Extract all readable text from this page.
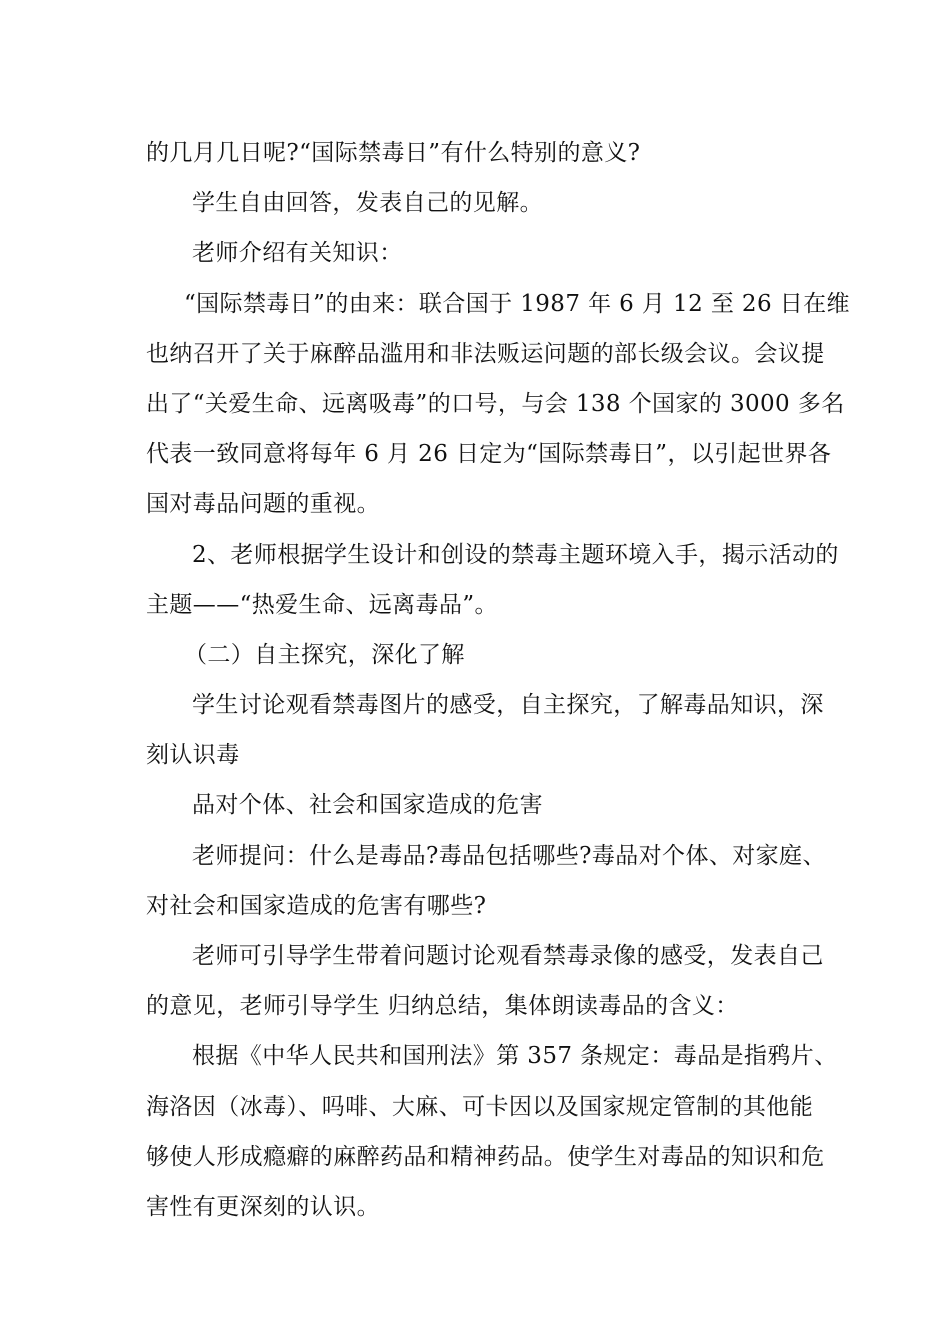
的几月几日呢?“国际禁毒日”有什么特别的意义?
学生自由回答，发表自己的见解。
老师介绍有关知识：
“国际禁毒日”的由来：联合国于 1987 年 6 月 12 至 26 日在维
也纳召开了关于麻醉品滥用和非法贩运问题的部长级会议。会议提
出了“关爱生命、远离吸毒”的口号，与会 138 个国家的 3000 多名
代表一致同意将每年 6 月 26 日定为“国际禁毒日”，以引起世界各
国对毒品问题的重视。
2、老师根据学生设计和创设的禁毒主题环境入手，揭示活动的
主题——“热爱生命、远离毒品”。
（二）自主探究，深化了解
学生讨论观看禁毒图片的感受，自主探究，了解毒品知识，深
刻认识毒
品对个体、社会和国家造成的危害
老师提问：什么是毒品?毒品包括哪些?毒品对个体、对家庭、
对社会和国家造成的危害有哪些?
老师可引导学生带着问题讨论观看禁毒录像的感受，发表自己
的意见，老师引导学生 归纳总结，集体朗读毒品的含义：
根据《中华人民共和国刑法》第 357 条规定：毒品是指鸦片、
海洛因（冰毒）、吗啡、大麻、可卡因以及国家规定管制的其他能
够使人形成瘾癖的麻醉药品和精神药品。使学生对毒品的知识和危
害性有更深刻的认识。
